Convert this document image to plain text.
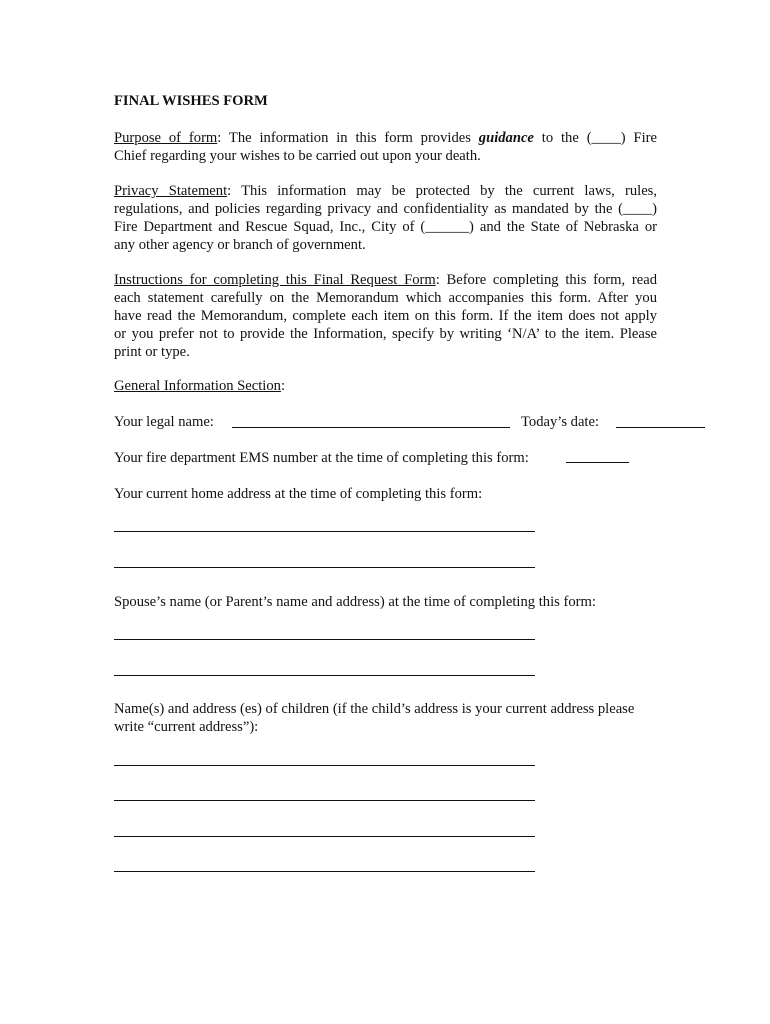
FINAL WISHES FORM
Purpose of form: The information in this form provides guidance to the (____) Fire
Chief regarding your wishes to be carried out upon your death.
Privacy Statement: This information may be protected by the current laws, rules,
regulations, and policies regarding privacy and confidentiality as mandated by the (____)
Fire Department and Rescue Squad, Inc., City of (______) and the State of Nebraska or
any other agency or branch of government.
Instructions for completing this Final Request Form: Before completing this form, read
each statement carefully on the Memorandum which accompanies this form. After you
have read the Memorandum, complete each item on this form. If the item does not apply
or you prefer not to provide the Information, specify by writing ‘N/A’ to the item. Please
print or type.
General Information Section:
Your legal name:	Today’s date:
Your fire department EMS number at the time of completing this form:
Your current home address at the time of completing this form:
Spouse’s name (or Parent’s name and address) at the time of completing this form:
Name(s) and address (es) of children (if the child’s address is your current address please
write “current address”):
